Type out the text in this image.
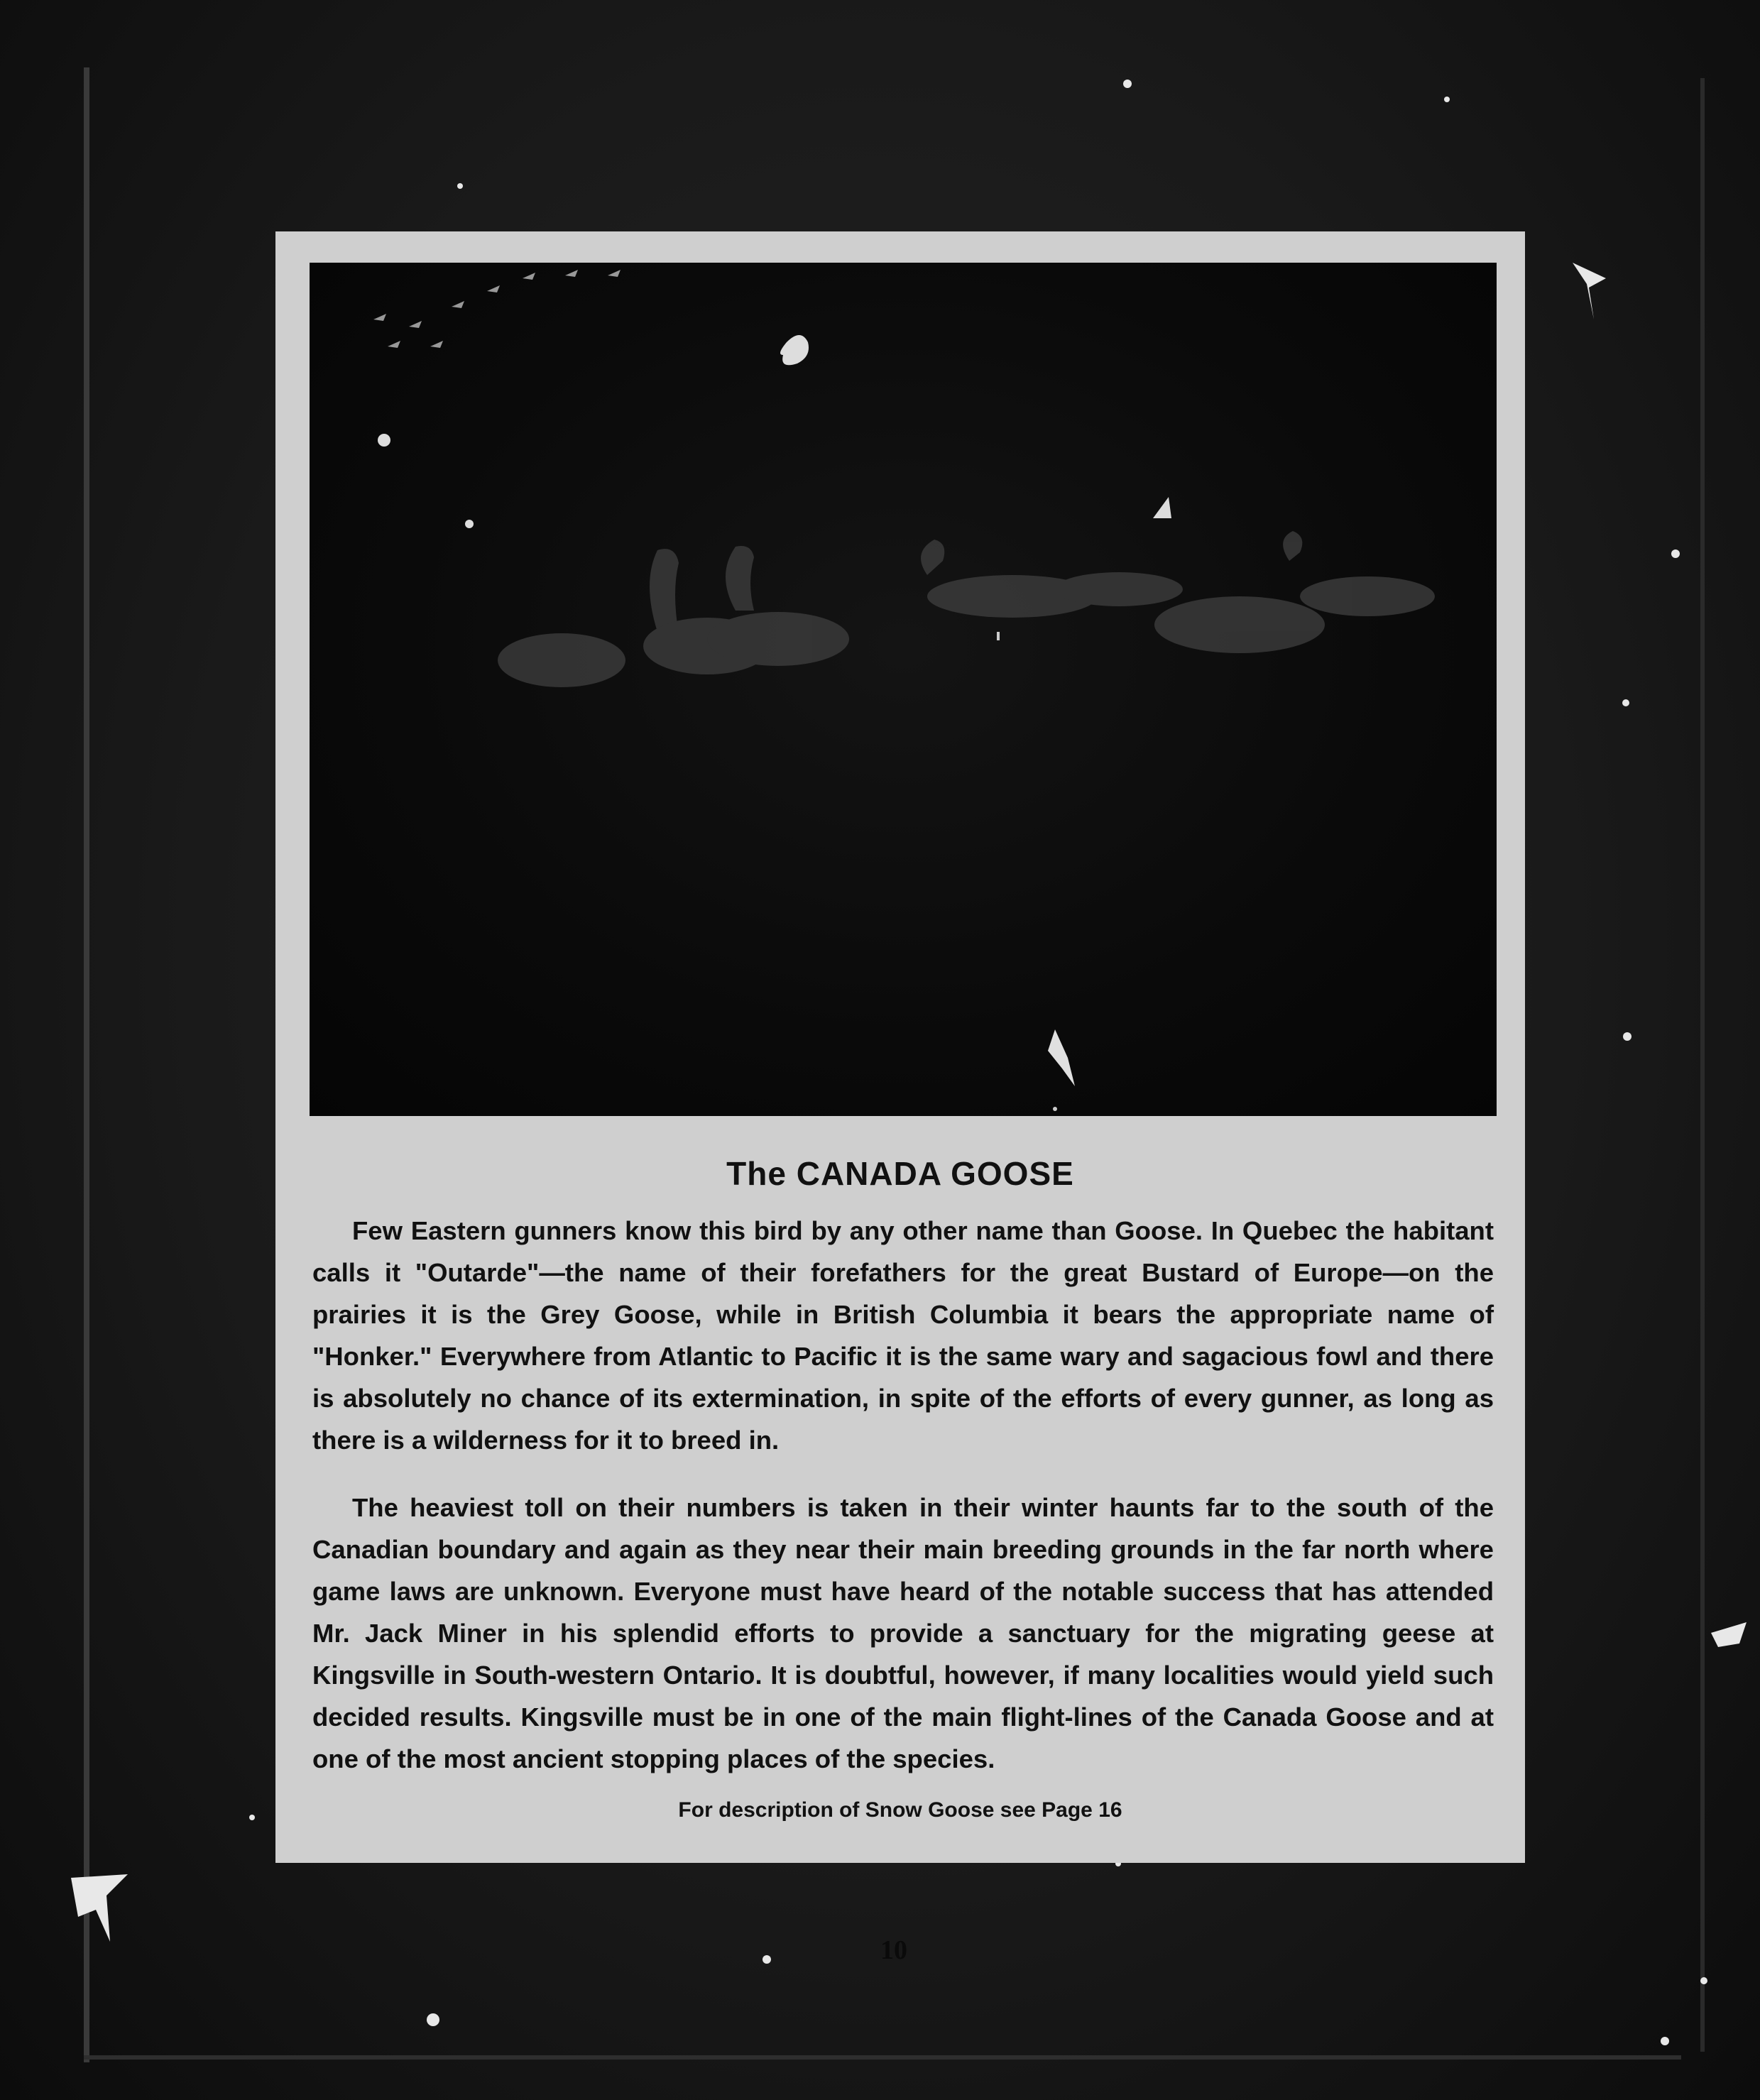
The CANADA GOOSE

Few Eastern gunners know this bird by any other name than Goose. In Quebec the habitant calls it "Outarde"—the name of their forefathers for the great Bustard of Europe—on the prairies it is the Grey Goose, while in British Columbia it bears the appropriate name of "Honker." Everywhere from Atlantic to Pacific it is the same wary and sagacious fowl and there is absolutely no chance of its extermination, in spite of the efforts of every gunner, as long as there is a wilderness for it to breed in.

The heaviest toll on their numbers is taken in their winter haunts far to the south of the Canadian boundary and again as they near their main breeding grounds in the far north where game laws are unknown. Everyone must have heard of the notable success that has attended Mr. Jack Miner in his splendid efforts to provide a sanctuary for the migrating geese at Kingsville in South-western Ontario. It is doubtful, however, if many localities would yield such decided results. Kingsville must be in one of the main flight-lines of the Canada Goose and at one of the most ancient stopping places of the species.

For description of Snow Goose see Page 16
10
